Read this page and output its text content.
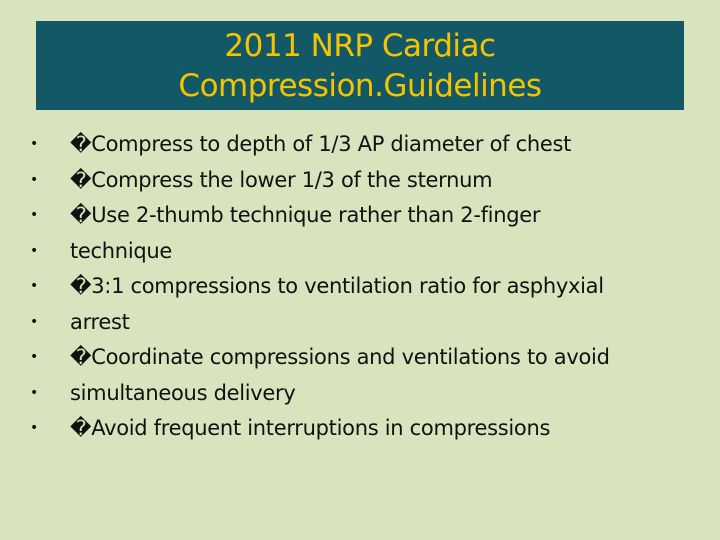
2011 NRP Cardiac
Compression.Guidelines
• �Compress to depth of 1/3 AP diameter of chest
• �Compress the lower 1/3 of the sternum
• �Use 2-thumb technique rather than 2-finger
• technique
• �3:1 compressions to ventilation ratio for asphyxial
• arrest
• �Coordinate compressions and ventilations to avoid
• simultaneous delivery
• �Avoid frequent interruptions in compressions
